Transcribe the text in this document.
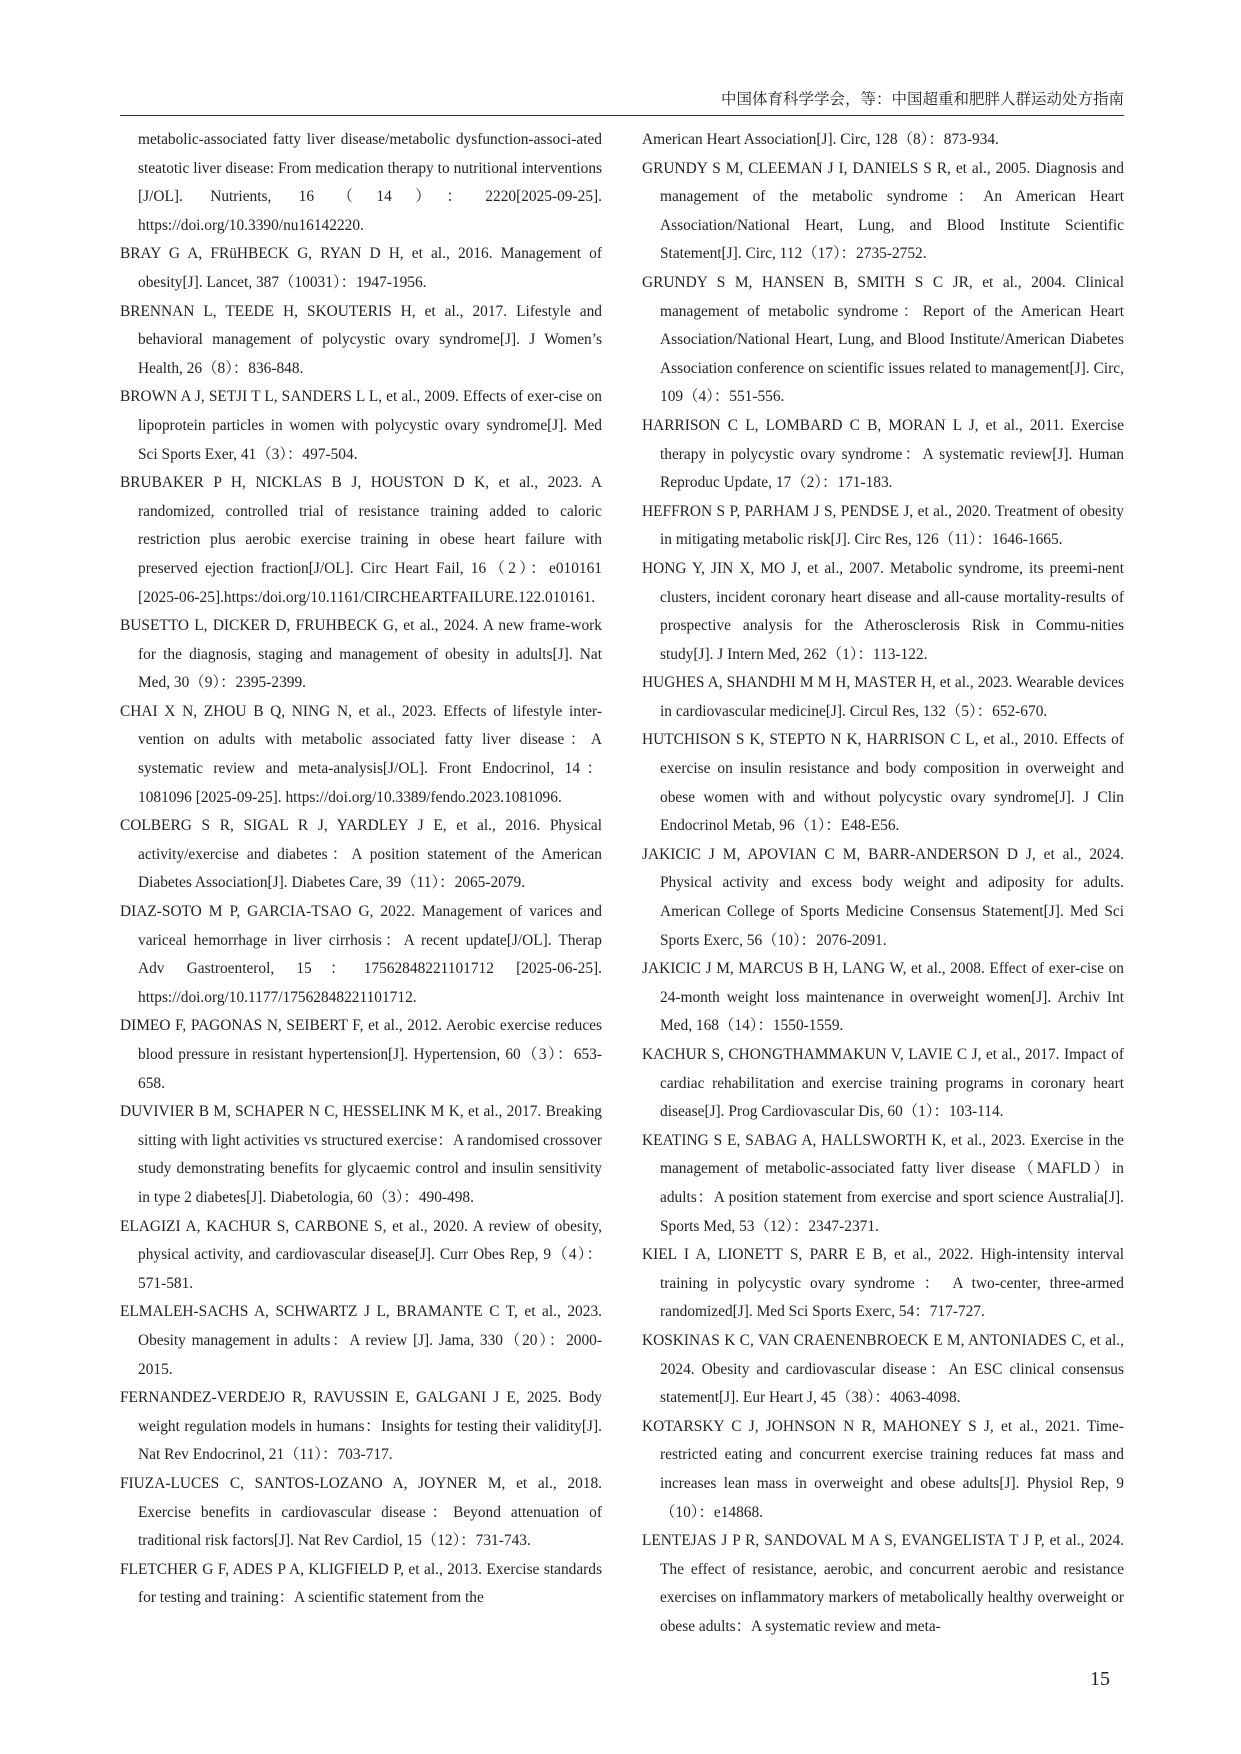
中国体育科学学会，等：中国超重和肥胖人群运动处方指南

metabolic-associated fatty liver disease/metabolic dysfunction-associ-ated steatotic liver disease: From medication therapy to nutritional interventions [J/OL]. Nutrients, 16（14）：2220[2025-09-25]. https://doi.org/10.3390/nu16142220.

BRAY G A, FRüHBECK G, RYAN D H, et al., 2016. Management of obesity[J]. Lancet, 387（10031）：1947-1956.

BRENNAN L, TEEDE H, SKOUTERIS H, et al., 2017. Lifestyle and behavioral management of polycystic ovary syndrome[J]. J Women’s Health, 26（8）：836-848.

BROWN A J, SETJI T L, SANDERS L L, et al., 2009. Effects of exer-cise on lipoprotein particles in women with polycystic ovary syndrome[J]. Med Sci Sports Exer, 41（3）：497-504.

BRUBAKER P H, NICKLAS B J, HOUSTON D K, et al., 2023. A randomized, controlled trial of resistance training added to caloric restriction plus aerobic exercise training in obese heart failure with preserved ejection fraction[J/OL]. Circ Heart Fail, 16（2）：e010161 [2025-06-25].https:/doi.org/10.1161/CIRCHEARTFAILURE.122.010161.

BUSETTO L, DICKER D, FRUHBECK G, et al., 2024. A new frame-work for the diagnosis, staging and management of obesity in adults[J]. Nat Med, 30（9）：2395-2399.

CHAI X N, ZHOU B Q, NING N, et al., 2023. Effects of lifestyle inter-vention on adults with metabolic associated fatty liver disease：A systematic review and meta-analysis[J/OL]. Front Endocrinol, 14：1081096 [2025-09-25]. https://doi.org/10.3389/fendo.2023.1081096.

COLBERG S R, SIGAL R J, YARDLEY J E, et al., 2016. Physical activity/exercise and diabetes：A position statement of the American Diabetes Association[J]. Diabetes Care, 39（11）：2065-2079.

DIAZ-SOTO M P, GARCIA-TSAO G, 2022. Management of varices and variceal hemorrhage in liver cirrhosis：A recent update[J/OL]. Therap Adv Gastroenterol, 15：17562848221101712 [2025-06-25]. https://doi.org/10.1177/17562848221101712.

DIMEO F, PAGONAS N, SEIBERT F, et al., 2012. Aerobic exercise reduces blood pressure in resistant hypertension[J]. Hypertension, 60（3）：653-658.

DUVIVIER B M, SCHAPER N C, HESSELINK M K, et al., 2017. Breaking sitting with light activities vs structured exercise：A randomised crossover study demonstrating benefits for glycaemic control and insulin sensitivity in type 2 diabetes[J]. Diabetologia, 60（3）：490-498.

ELAGIZI A, KACHUR S, CARBONE S, et al., 2020. A review of obesity, physical activity, and cardiovascular disease[J]. Curr Obes Rep, 9（4）：571-581.

ELMALEH-SACHS A, SCHWARTZ J L, BRAMANTE C T, et al., 2023. Obesity management in adults：A review [J]. Jama, 330（20）：2000-2015.

FERNANDEZ-VERDEJO R, RAVUSSIN E, GALGANI J E, 2025. Body weight regulation models in humans：Insights for testing their validity[J]. Nat Rev Endocrinol, 21（11）：703-717.

FIUZA-LUCES C, SANTOS-LOZANO A, JOYNER M, et al., 2018. Exercise benefits in cardiovascular disease：Beyond attenuation of traditional risk factors[J]. Nat Rev Cardiol, 15（12）：731-743.

FLETCHER G F, ADES P A, KLIGFIELD P, et al., 2013. Exercise standards for testing and training：A scientific statement from the

American Heart Association[J]. Circ, 128（8）：873-934.

GRUNDY S M, CLEEMAN J I, DANIELS S R, et al., 2005. Diagnosis and management of the metabolic syndrome：An American Heart Association/National Heart, Lung, and Blood Institute Scientific Statement[J]. Circ, 112（17）：2735-2752.

GRUNDY S M, HANSEN B, SMITH S C JR, et al., 2004. Clinical management of metabolic syndrome：Report of the American Heart Association/National Heart, Lung, and Blood Institute/American Diabetes Association conference on scientific issues related to management[J]. Circ, 109（4）：551-556.

HARRISON C L, LOMBARD C B, MORAN L J, et al., 2011. Exercise therapy in polycystic ovary syndrome：A systematic review[J]. Human Reproduc Update, 17（2）：171-183.

HEFFRON S P, PARHAM J S, PENDSE J, et al., 2020. Treatment of obesity in mitigating metabolic risk[J]. Circ Res, 126（11）：1646-1665.

HONG Y, JIN X, MO J, et al., 2007. Metabolic syndrome, its preemi-nent clusters, incident coronary heart disease and all-cause mortality-results of prospective analysis for the Atherosclerosis Risk in Commu-nities study[J]. J Intern Med, 262（1）：113-122.

HUGHES A, SHANDHI M M H, MASTER H, et al., 2023. Wearable devices in cardiovascular medicine[J]. Circul Res, 132（5）：652-670.

HUTCHISON S K, STEPTO N K, HARRISON C L, et al., 2010. Effects of exercise on insulin resistance and body composition in overweight and obese women with and without polycystic ovary syndrome[J]. J Clin Endocrinol Metab, 96（1）：E48-E56.

JAKICIC J M, APOVIAN C M, BARR-ANDERSON D J, et al., 2024. Physical activity and excess body weight and adiposity for adults. American College of Sports Medicine Consensus Statement[J]. Med Sci Sports Exerc, 56（10）：2076-2091.

JAKICIC J M, MARCUS B H, LANG W, et al., 2008. Effect of exer-cise on 24-month weight loss maintenance in overweight women[J]. Archiv Int Med, 168（14）：1550-1559.

KACHUR S, CHONGTHAMMAKUN V, LAVIE C J, et al., 2017. Impact of cardiac rehabilitation and exercise training programs in coronary heart disease[J]. Prog Cardiovascular Dis, 60（1）：103-114.

KEATING S E, SABAG A, HALLSWORTH K, et al., 2023. Exercise in the management of metabolic-associated fatty liver disease（MAFLD）in adults：A position statement from exercise and sport science Australia[J]. Sports Med, 53（12）：2347-2371.

KIEL I A, LIONETT S, PARR E B, et al., 2022. High-intensity interval training in polycystic ovary syndrome ： A two-center, three-armed randomized[J]. Med Sci Sports Exerc, 54：717-727.

KOSKINAS K C, VAN CRAENENBROECK E M, ANTONIADES C, et al., 2024. Obesity and cardiovascular disease：An ESC clinical consensus statement[J]. Eur Heart J, 45（38）：4063-4098.

KOTARSKY C J, JOHNSON N R, MAHONEY S J, et al., 2021. Time-restricted eating and concurrent exercise training reduces fat mass and increases lean mass in overweight and obese adults[J]. Physiol Rep, 9（10）：e14868.

LENTEJAS J P R, SANDOVAL M A S, EVANGELISTA T J P, et al., 2024. The effect of resistance, aerobic, and concurrent aerobic and resistance exercises on inflammatory markers of metabolically healthy overweight or obese adults：A systematic review and meta-

15
